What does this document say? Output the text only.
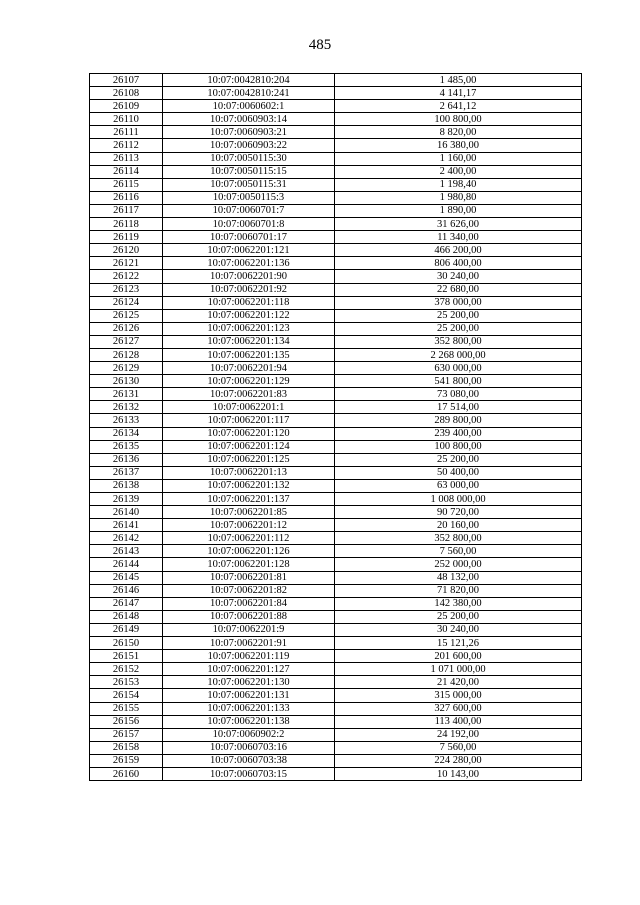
485
26107	10:07:0042810:204	1 485,00
26108	10:07:0042810:241	4 141,17
26109	10:07:0060602:1	2 641,12
26110	10:07:0060903:14	100 800,00
26111	10:07:0060903:21	8 820,00
26112	10:07:0060903:22	16 380,00
26113	10:07:0050115:30	1 160,00
26114	10:07:0050115:15	2 400,00
26115	10:07:0050115:31	1 198,40
26116	10:07:0050115:3	1 980,80
26117	10:07:0060701:7	1 890,00
26118	10:07:0060701:8	31 626,00
26119	10:07:0060701:17	11 340,00
26120	10:07:0062201:121	466 200,00
26121	10:07:0062201:136	806 400,00
26122	10:07:0062201:90	30 240,00
26123	10:07:0062201:92	22 680,00
26124	10:07:0062201:118	378 000,00
26125	10:07:0062201:122	25 200,00
26126	10:07:0062201:123	25 200,00
26127	10:07:0062201:134	352 800,00
26128	10:07:0062201:135	2 268 000,00
26129	10:07:0062201:94	630 000,00
26130	10:07:0062201:129	541 800,00
26131	10:07:0062201:83	73 080,00
26132	10:07:0062201:1	17 514,00
26133	10:07:0062201:117	289 800,00
26134	10:07:0062201:120	239 400,00
26135	10:07:0062201:124	100 800,00
26136	10:07:0062201:125	25 200,00
26137	10:07:0062201:13	50 400,00
26138	10:07:0062201:132	63 000,00
26139	10:07:0062201:137	1 008 000,00
26140	10:07:0062201:85	90 720,00
26141	10:07:0062201:12	20 160,00
26142	10:07:0062201:112	352 800,00
26143	10:07:0062201:126	7 560,00
26144	10:07:0062201:128	252 000,00
26145	10:07:0062201:81	48 132,00
26146	10:07:0062201:82	71 820,00
26147	10:07:0062201:84	142 380,00
26148	10:07:0062201:88	25 200,00
26149	10:07:0062201:9	30 240,00
26150	10:07:0062201:91	15 121,26
26151	10:07:0062201:119	201 600,00
26152	10:07:0062201:127	1 071 000,00
26153	10:07:0062201:130	21 420,00
26154	10:07:0062201:131	315 000,00
26155	10:07:0062201:133	327 600,00
26156	10:07:0062201:138	113 400,00
26157	10:07:0060902:2	24 192,00
26158	10:07:0060703:16	7 560,00
26159	10:07:0060703:38	224 280,00
26160	10:07:0060703:15	10 143,00
